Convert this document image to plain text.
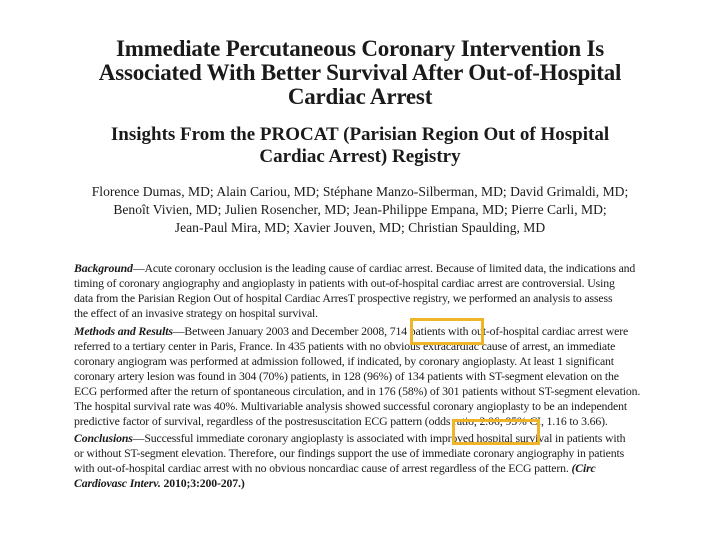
Immediate Percutaneous Coronary Intervention Is
Associated With Better Survival After Out-of-Hospital
Cardiac Arrest
Insights From the PROCAT (Parisian Region Out of Hospital
Cardiac Arrest) Registry
Florence Dumas, MD; Alain Cariou, MD; Stéphane Manzo-Silberman, MD; David Grimaldi, MD;
Benoît Vivien, MD; Julien Rosencher, MD; Jean-Philippe Empana, MD; Pierre Carli, MD;
Jean-Paul Mira, MD; Xavier Jouven, MD; Christian Spaulding, MD
Background—Acute coronary occlusion is the leading cause of cardiac arrest. Because of limited data, the indications and
timing of coronary angiography and angioplasty in patients with out-of-hospital cardiac arrest are controversial. Using
data from the Parisian Region Out of hospital Cardiac ArresT prospective registry, we performed an analysis to assess
the effect of an invasive strategy on hospital survival.
Methods and Results—Between January 2003 and December 2008, 714 patients with out-of-hospital cardiac arrest were
referred to a tertiary center in Paris, France. In 435 patients with no obvious extracardiac cause of arrest, an immediate
coronary angiogram was performed at admission followed, if indicated, by coronary angioplasty. At least 1 significant
coronary artery lesion was found in 304 (70%) patients, in 128 (96%) of 134 patients with ST-segment elevation on the
ECG performed after the return of spontaneous circulation, and in 176 (58%) of 301 patients without ST-segment elevation.
The hospital survival rate was 40%. Multivariable analysis showed successful coronary angioplasty to be an independent
predictive factor of survival, regardless of the postresuscitation ECG pattern (odds ratio, 2.06; 95% CI, 1.16 to 3.66).
Conclusions—Successful immediate coronary angioplasty is associated with improved hospital survival in patients with
or without ST-segment elevation. Therefore, our findings support the use of immediate coronary angiography in patients
with out-of-hospital cardiac arrest with no obvious noncardiac cause of arrest regardless of the ECG pattern. (Circ
Cardiovasc Interv. 2010;3:200-207.)
